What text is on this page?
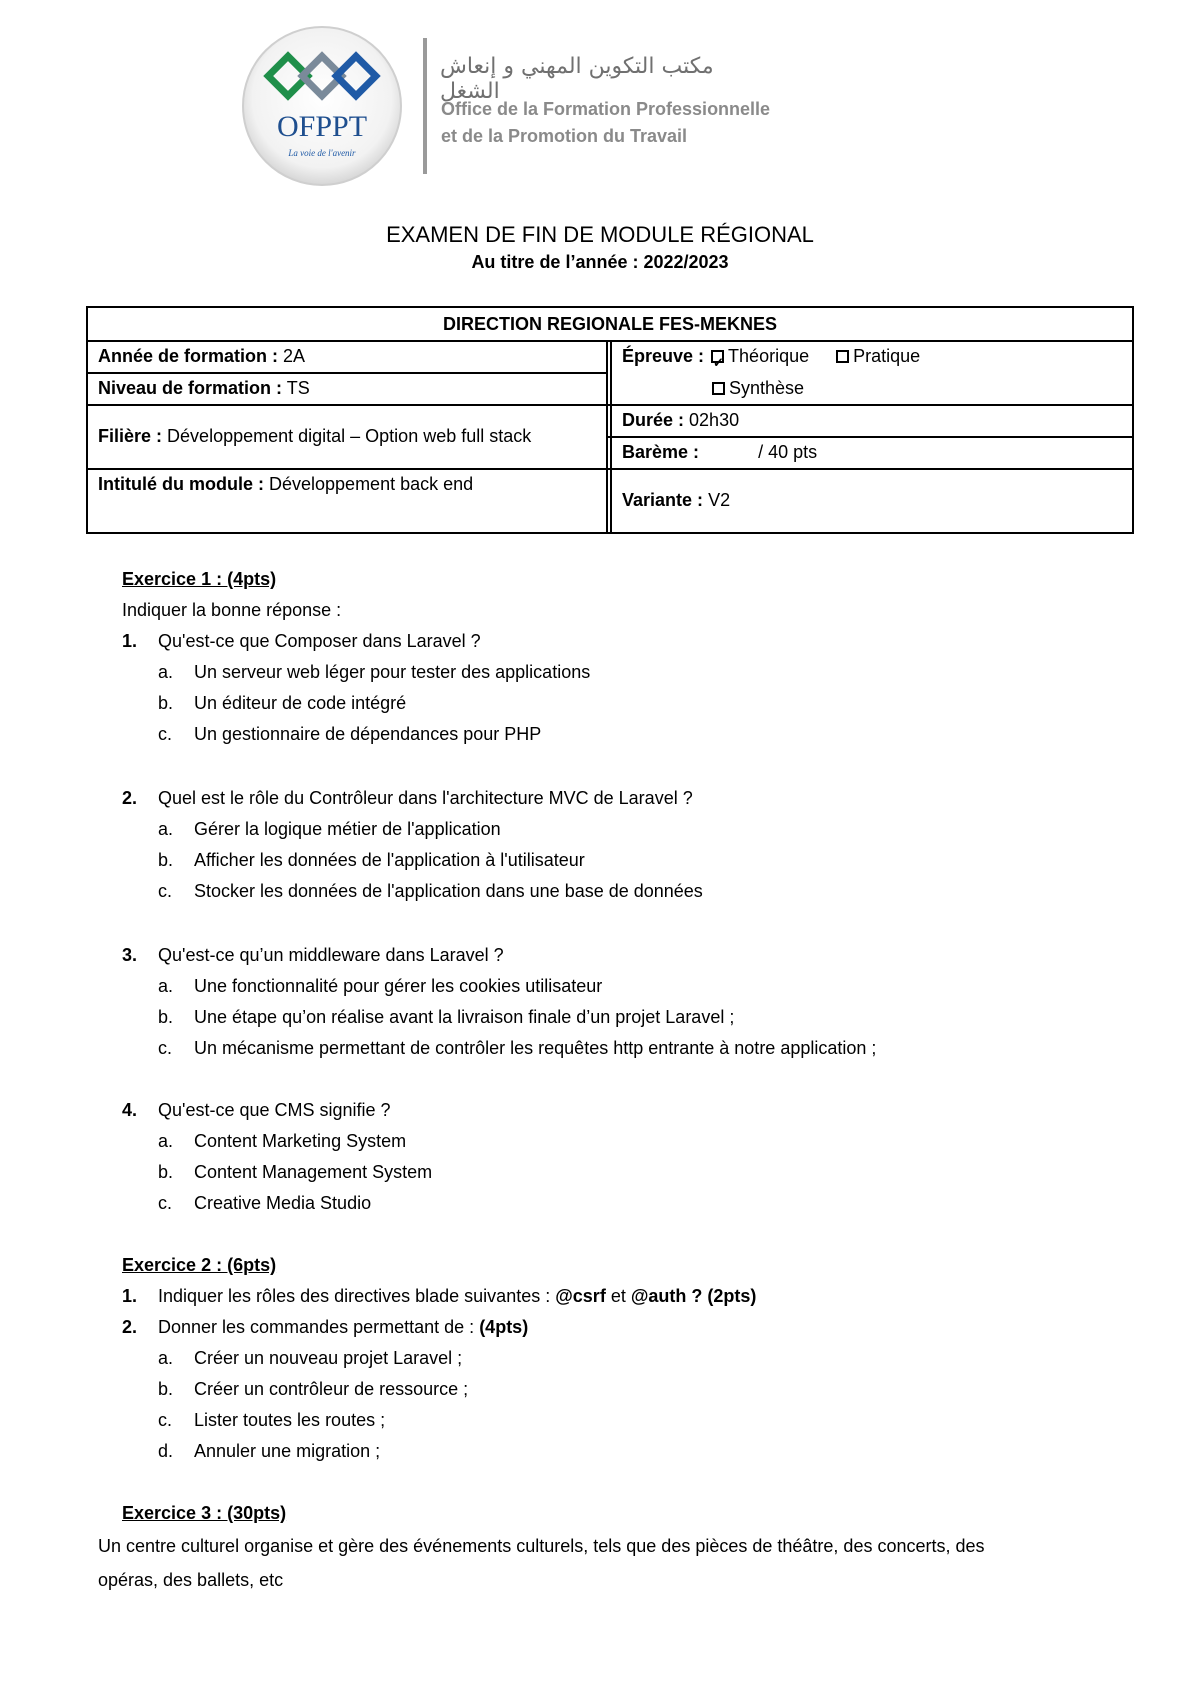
OFPPT
La voie de l'avenir
مكتب التكوين المهني و إنعاش الشغل
Office de la Formation Professionnelle
et de la Promotion du Travail
EXAMEN DE FIN DE MODULE RÉGIONAL
Au titre de l’année : 2022/2023
DIRECTION REGIONALE FES-MEKNES
Année de formation : 2A
Niveau de formation : TS
Filière : Développement digital – Option web full stack
Intitulé du module : Développement back end
Épreuve : ✓ Théorique Pratique
Synthèse
Durée : 02h30
Barème :	/ 40 pts
Variante : V2
Exercice 1 : (4pts)
Indiquer la bonne réponse :
1. Qu'est-ce que Composer dans Laravel ?
a. Un serveur web léger pour tester des applications
b. Un éditeur de code intégré
c. Un gestionnaire de dépendances pour PHP
2. Quel est le rôle du Contrôleur dans l'architecture MVC de Laravel ?
a. Gérer la logique métier de l'application
b. Afficher les données de l'application à l'utilisateur
c. Stocker les données de l'application dans une base de données
3. Qu'est-ce qu’un middleware dans Laravel ?
a. Une fonctionnalité pour gérer les cookies utilisateur
b. Une étape qu’on réalise avant la livraison finale d’un projet Laravel ;
c. Un mécanisme permettant de contrôler les requêtes http entrante à notre application ;
4. Qu'est-ce que CMS signifie ?
a. Content Marketing System
b. Content Management System
c. Creative Media Studio
Exercice 2 : (6pts)
1. Indiquer les rôles des directives blade suivantes : @csrf et @auth ? (2pts)
2. Donner les commandes permettant de : (4pts)
a. Créer un nouveau projet Laravel ;
b. Créer un contrôleur de ressource ;
c. Lister toutes les routes ;
d. Annuler une migration ;
Exercice 3 : (30pts)
Un centre culturel organise et gère des événements culturels, tels que des pièces de théâtre, des concerts, des
opéras, des ballets, etc
